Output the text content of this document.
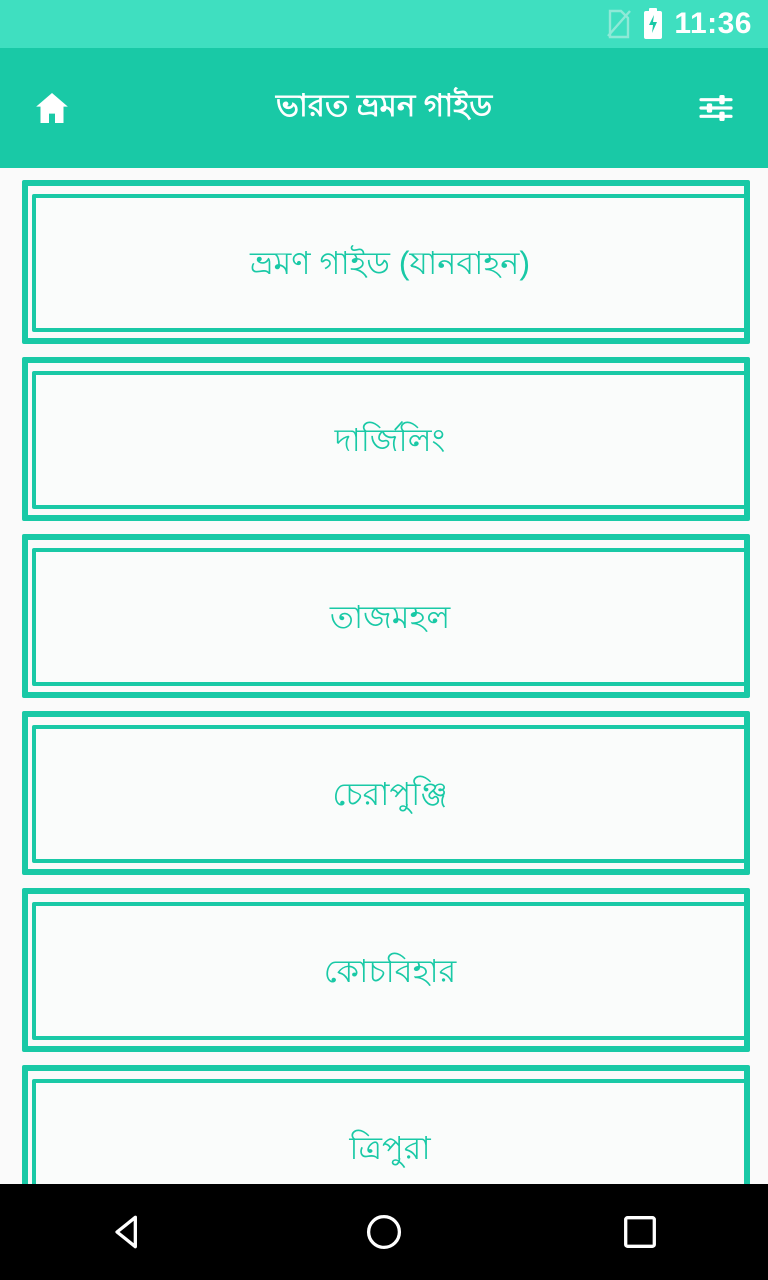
11:36
ভারত ভ্রমন গাইড
ভ্রমণ গাইড (যানবাহন)
দার্জিলিং
তাজমহল
চেরাপুঞ্জি
কোচবিহার
ত্রিপুরা
